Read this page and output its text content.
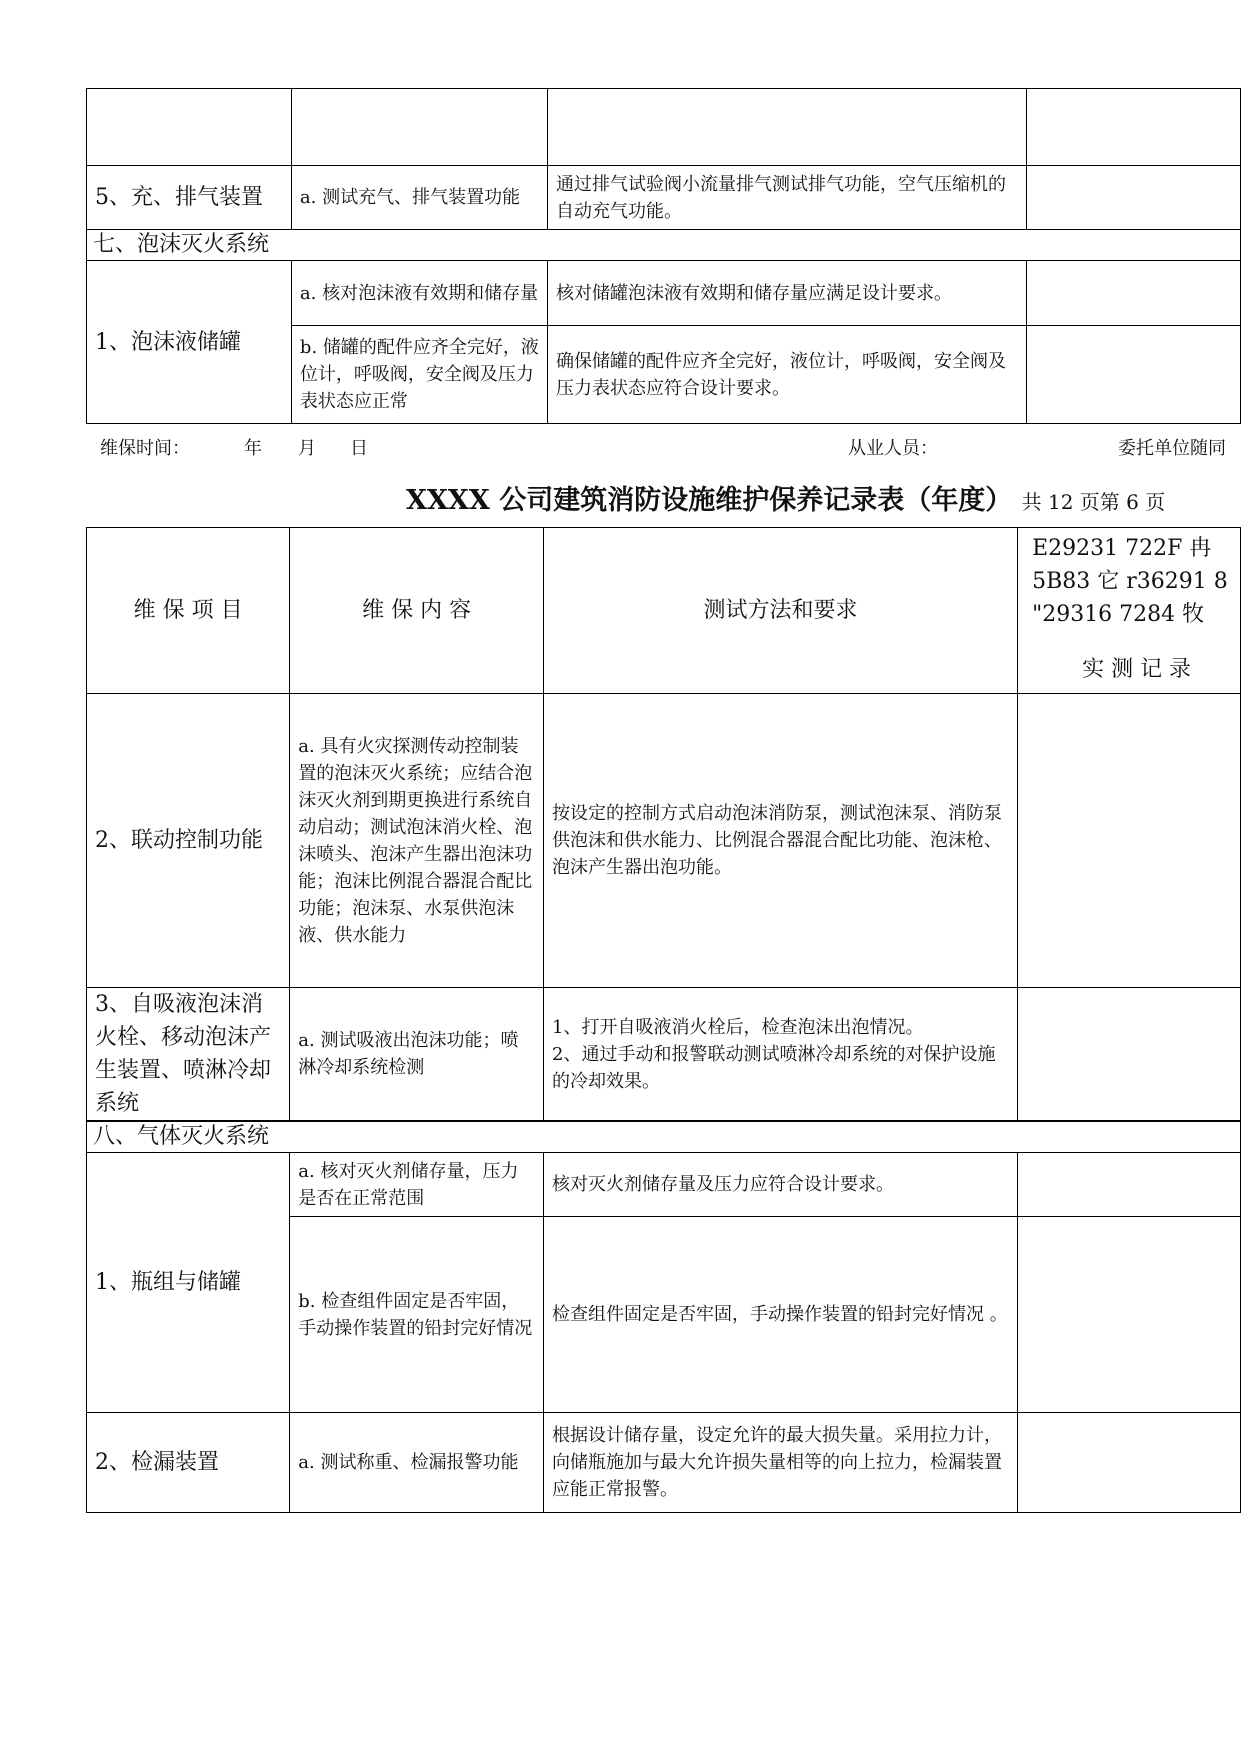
5、充、排气装置	a. 测试充气、排气装置功能	通过排气试验阀小流量排气测试排气功能，空气压缩机的自动充气功能。	
七、泡沫灭火系统			
1、泡沫液储罐	a. 核对泡沫液有效期和储存量	核对储罐泡沫液有效期和储存量应满足设计要求。	
	b. 储罐的配件应齐全完好，液位计，呼吸阀，安全阀及压力表状态应正常	确保储罐的配件应齐全完好，液位计，呼吸阀，安全阀及压力表状态应符合设计要求。	
维保时间：	年 月 日	从业人员：	委托单位随同
XXXX 公司建筑消防设施维护保养记录表（年度） 共 12 页第 6 页
维 保 项 目	维 保 内 容	测试方法和要求	E29231 722F 冉
5B83 它 r36291 8
"29316 7284 牧
实 测 记 录

2、联动控制功能	a. 具有火灾探测传动控制装置的泡沫灭火系统；应结合泡沫灭火剂到期更换进行系统自动启动；测试泡沫消火栓、泡沫喷头、泡沫产生器出泡沫功能；泡沫比例混合器混合配比功能；泡沫泵、水泵供泡沫液、供水能力	按设定的控制方式启动泡沫消防泵，测试泡沫泵、消防泵供泡沫和供水能力、比例混合器混合配比功能、泡沫枪、泡沫产生器出泡功能。	
3、自吸液泡沫消火栓、移动泡沫产生装置、喷淋冷却系统	a. 测试吸液出泡沫功能；喷淋冷却系统检测	1、打开自吸液消火栓后，检查泡沫出泡情况。
2、通过手动和报警联动测试喷淋冷却系统的对保护设施的冷却效果。	

八、气体灭火系统			
1、瓶组与储罐	a. 核对灭火剂储存量，压力是否在正常范围	核对灭火剂储存量及压力应符合设计要求。	
	b. 检查组件固定是否牢固，手动操作装置的铅封完好情况	检查组件固定是否牢固，手动操作装置的铅封完好情况 。	
2、检漏装置	a. 测试称重、检漏报警功能	根据设计储存量，设定允许的最大损失量。采用拉力计，向储瓶施加与最大允许损失量相等的向上拉力，检漏装置应能正常报警。	
